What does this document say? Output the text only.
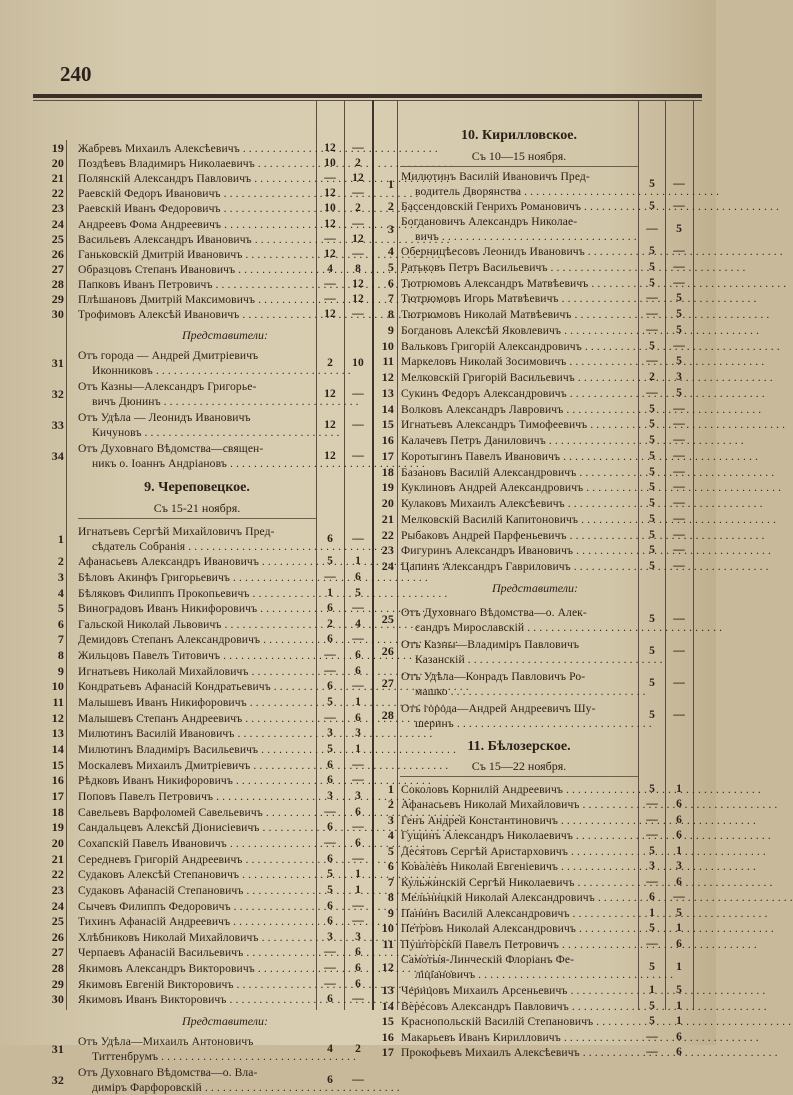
240
19 Жабревъ Михаилъ Алексѣевичъ . . .	12	—
20 Поздѣевъ Владимиръ Николаевичъ . . .	10	2
21 Полянскій Александръ Павловичъ . . .	—	12
22 Раевскій Федоръ Ивановичъ . . .	12	—
23 Раевскій Иванъ Федоровичъ . . .	10	2
24 Андреевъ Фома Андреевичъ . . .	12	—
25 Васильевъ Александръ Ивановичъ . . .	—	12
26 Ганьковскій Дмитрій Ивановичъ . . .	12	—
27 Образцовъ Степанъ Ивановичъ . . .	4	8
28 Папковъ Иванъ Петровичъ . . .	—	12
29 Плѣшановъ Дмитрій Максимовичъ . . .	—	12
30 Трофимовъ Алексѣй Ивановичъ . . .	12	—
Представители:
31 Отъ города — Андрей Дмитріевичъ
Иконниковъ . . .
2	10
32 Отъ Казны—Александръ Григорье-
вичъ Дюнинъ . . .
12	—
33 Отъ Удѣла — Леонидъ Ивановичъ
Кичуновъ . . .
12	—
34 Отъ Духовнаго Вѣдомства—священ-
никъ о. Іоаннъ Андріановъ . . .
12	—
9. Череповецкое.
Съ 15-21 ноября.
1 Игнатьевъ Сергѣй Михайловичъ Пред-
сѣдатель Собранія . . .
6	—
2 Афанасьевъ Александръ Ивановичъ . . .	5	1
3 Бѣловъ Акинфъ Григорьевичъ . . .	—	6
4 Бѣляковъ Филиппъ Прокопьевичъ . . .	1	5
5 Виноградовъ Иванъ Никифоровичъ . . .	6	—
6 Гальской Николай Львовичъ . . .	2	4
7 Демидовъ Степанъ Александровичъ . . .	6	—
8 Жильцовъ Павелъ Титовичъ . . .	—	6
9 Игнатьевъ Николай Михайловичъ . . .	—	6
10 Кондратьевъ Афанасій Кондратьевичъ . . .	6	—
11 Малышевъ Иванъ Никифоровичъ . . .	5	1
12 Малышевъ Степанъ Андреевичъ . . .	—	6
13 Милютинъ Василій Ивановичъ . . .	3	3
14 Милютинъ Владиміръ Васильевичъ . . .	5	1
15 Москалевъ Михаилъ Дмитріевичъ . . .	6	—
16 Рѣдковъ Иванъ Никифоровичъ . . .	6	—
17 Поповъ Павелъ Петровичъ . . .	3	3
18 Савельевъ Варфоломей Савельевичъ . . .	—	6
19 Сандальцевъ Алексѣй Діонисіевичъ . . .	6	—
20 Сохапскій Павелъ Ивановичъ . . .	—	6
21 Середневъ Григорій Андреевичъ . . .	6	—
22 Судаковъ Алексѣй Степановичъ . . .	5	1
23 Судаковъ Афанасій Степановичъ . . .	5	1
24 Сычевъ Филиппъ Федоровичъ . . .	6	—
25 Тихинъ Афанасій Андреевичъ . . .	6	—
26 Хлѣбниковъ Николай Михайловичъ . . .	3	3
27 Черпаевъ Афанасій Васильевичъ . . .	—	6
28 Якимовъ Александръ Викторовичъ . . .	—	6
29 Якимовъ Евгеній Викторовичъ . . .	—	6
30 Якимовъ Иванъ Викторовичъ . . .	6	—
Представители:
31 Отъ Удѣла—Михаилъ Антоновичъ
Титтенбрумъ . . .
4	2
32 Отъ Духовнаго Вѣдомства—о. Вла-
диміръ Фарфоровскій . . .
6	—
10. Кирилловское.
Съ 10—15 ноября.
1 Милютинъ Василій Ивановичъ Пред-
водитель Дворянства . . .
5	—
2 Бассендовскій Генрихъ Романовичъ . . .	5	—
3 Богдановичъ Александръ Николае-
вичъ . . .
—	5
4 Оберницѣесовъ Леонидъ Ивановичъ . . .	5	—
5 Ратьковъ Петръ Васильевичъ . . .	5	—
6 Тютрюмовъ Александръ Матвѣевичъ . . .	5	—
7 Тютрюмовъ Игорь Матвѣевичъ . . .	—	5
8 Тютрюмовъ Николай Матвѣевичъ . . .	—	5
9 Богдановъ Алексѣй Яковлевичъ . . .	—	5
10 Вальковъ Григорій Александровичъ . . .	5	—
11 Маркеловъ Николай Зосимовичъ . . .	—	5
12 Мелковскій Григорій Васильевичъ . . .	2	3
13 Сукинъ Федоръ Александровичъ . . .	—	5
14 Волковъ Александръ Лавровичъ . . .	5	—
15 Игнатьевъ Александръ Тимофеевичъ . . .	5	—
16 Калачевъ Петръ Даниловичъ . . .	5	—
17 Коротыгинъ Павелъ Ивановичъ . . .	5	—
18 Базановъ Василій Александровичъ . . .	5	—
19 Куклиновъ Андрей Александровичъ . . .	5	—
20 Кулаковъ Михаилъ Алексѣевичъ . . .	5	—
21 Мелковскій Василій Капитоновичъ . . .	5	—
22 Рыбаковъ Андрей Парфеньевичъ . . .	5	—
23 Фигуринъ Александръ Ивановичъ . . .	5	—
24 Цапинъ Александръ Гавриловичъ . . .	5	—
Представители:
25 Отъ Духовнаго Вѣдомства—о. Алек-
сандръ Мирославскій . . .
5	—
26 Отъ Казны—Владиміръ Павловичъ
Казанскій . . .
5	—
27 Отъ Удѣла—Конрадъ Павловичъ Ро-
машко . . .
5	—
28 Отъ города—Андрей Андреевичъ Шу-
шеринъ . . .
5	—
11. Бѣлозерское.
Съ 15—22 ноября.
1 Соколовъ Корнилій Андреевичъ . . .	5	1
2 Афанасьевъ Николай Михайловичъ . . .	—	6
3 Генъ Андрей Константиновичъ . . .	—	6
4 Гущинъ Александръ Николаевичъ . . .	—	6
5 Десятовъ Сергѣй Аристарховичъ . . .	5	1
6 Ковалевъ Николай Евгеніевичъ . . .	3	3
7 Кульжинскій Сергѣй Николаевичъ . . .	—	6
8 Мельницкій Николай Александровичъ . . .	6	—
9 Панинъ Василій Александровичъ . . .	1	5
10 Петровъ Николай Александровичъ . . .	5	1
11 Пушторскій Павелъ Петровичъ . . .	—	6
12 Самотыя-Линческій Флоріанъ Фе-
ліціановичъ . . .
5	1
13 Черицовъ Михаилъ Арсеньевичъ . . .	1	5
14 Вересовъ Александръ Павловичъ . . .	5	1
15 Краснопольскій Василій Степановичъ . . .	5	1
16 Макарьевъ Иванъ Кирилловичъ . . .	—	6
17 Прокофьевъ Михаилъ Алексѣевичъ . . .	—	6
